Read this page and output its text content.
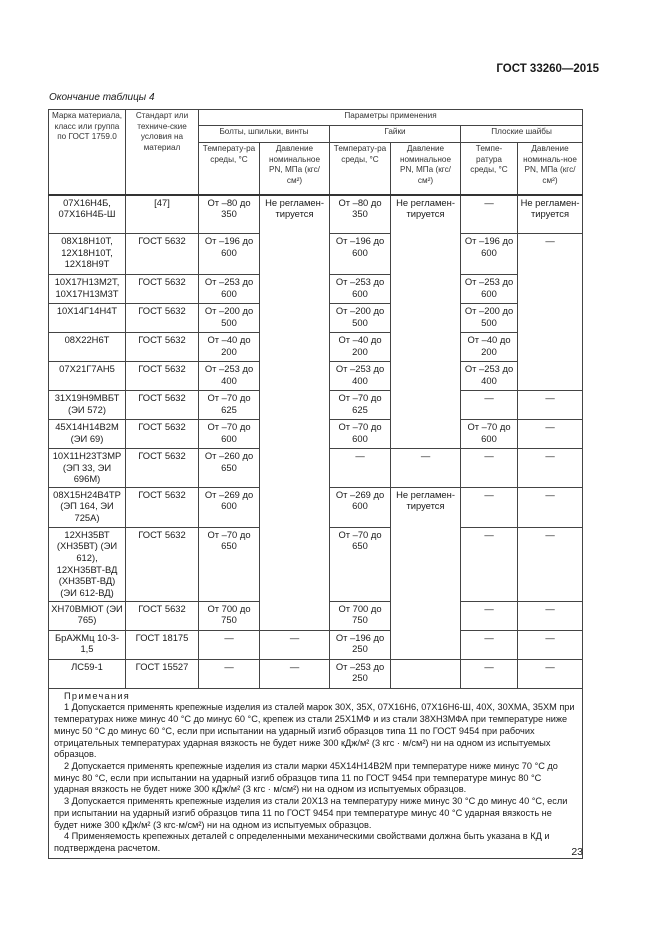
ГОСТ 33260—2015
Окончание таблицы 4
Марка материала, класс или группа по ГОСТ 1759.0	Стандарт или техниче-ские условия на материал	Параметры применения					
		Болты, шпильки, винты		Гайки		Плоские шайбы	
		Температу-ра среды, °C	Давление номинальное PN, МПа (кгс/см²)	Температу-ра среды, °C	Давление номинальное PN, МПа (кгс/см²)	Темпе-ратура среды, °C	Давление номиналь-ное PN, МПа (кгс/см²)
07Х16Н4Б, 07Х16Н4Б-Ш	[47]	От –80 до 350	Не регламен-тируется	От –80 до 350	Не регламен-тируется	—	Не регламен-тируется
08Х18Н10Т, 12Х18Н10Т, 12Х18Н9Т	ГОСТ 5632	От –196 до 600		От –196 до 600		От –196 до 600	—
10Х17Н13М2Т, 10Х17Н13М3Т	ГОСТ 5632	От –253 до 600		От –253 до 600		От –253 до 600	
10Х14Г14Н4Т	ГОСТ 5632	От –200 до 500		От –200 до 500		От –200 до 500	
08Х22Н6Т	ГОСТ 5632	От –40 до 200		От –40 до 200		От –40 до 200	
07Х21Г7АН5	ГОСТ 5632	От –253 до 400		От –253 до 400		От –253 до 400	
31Х19Н9МВБТ (ЭИ 572)	ГОСТ 5632	От –70 до 625		От –70 до 625		—	—
45Х14Н14В2М (ЭИ 69)	ГОСТ 5632	От –70 до 600		От –70 до 600		От –70 до 600	—
10Х11Н23Т3МР (ЭП 33, ЭИ 696М)	ГОСТ 5632	От –260 до 650		—	—	—	—
08Х15Н24В4ТР (ЭП 164, ЭИ 725А)	ГОСТ 5632	От –269 до 600		От –269 до 600	Не регламен-тируется	—	—
12ХН35ВТ (ХН35ВТ) (ЭИ 612), 12ХН35ВТ-ВД (ХН35ВТ-ВД) (ЭИ 612-ВД)	ГОСТ 5632	От –70 до 650		От –70 до 650		—	—
ХН70ВМЮТ (ЭИ 765)	ГОСТ 5632	От 700 до 750		От 700 до 750		—	—
БрАЖМц 10-3-1,5	ГОСТ 18175	—	—	От –196 до 250		—	—
ЛС59-1	ГОСТ 15527	—	—	От –253 до 250		—	—

Примечания

1 Допускается применять крепежные изделия из сталей марок 30Х, 35Х, 07Х16Н6, 07Х16Н6-Ш, 40Х, 30ХМА, 35ХМ при температурах ниже минус 40 °С до минус 60 °С, крепеж из стали 25Х1МФ и из стали 38ХН3МФА при температуре ниже минус 50 °С до минус 60 °С, если при испытании на ударный изгиб образцов типа 11 по ГОСТ 9454 при рабочих отрицательных температурах ударная вязкость не будет ниже 300 кДж/м² (3 кгс · м/см²) ни на одном из испытуемых образцов.

2 Допускается применять крепежные изделия из стали марки 45Х14Н14В2М при температуре ниже минус 70 °С до минус 80 °С, если при испытании на ударный изгиб образцов типа 11 по ГОСТ 9454 при температуре минус 80 °С ударная вязкость не будет ниже 300 кДж/м² (3 кгс · м/см²) ни на одном из испытуемых образцов.

3 Допускается применять крепежные изделия из стали 20Х13 на температуру ниже минус 30 °С до минус 40 °С, если при испытании на ударный изгиб образцов типа 11 по ГОСТ 9454 при температуре минус 40 °С ударная вязкость не будет ниже 300 кДж/м² (3 кгс·м/см²) ни на одном из испытуемых образцов.

4 Применяемость крепежных деталей с определенными механическими свойствами должна быть указана в КД и подтверждена расчетом.								23
